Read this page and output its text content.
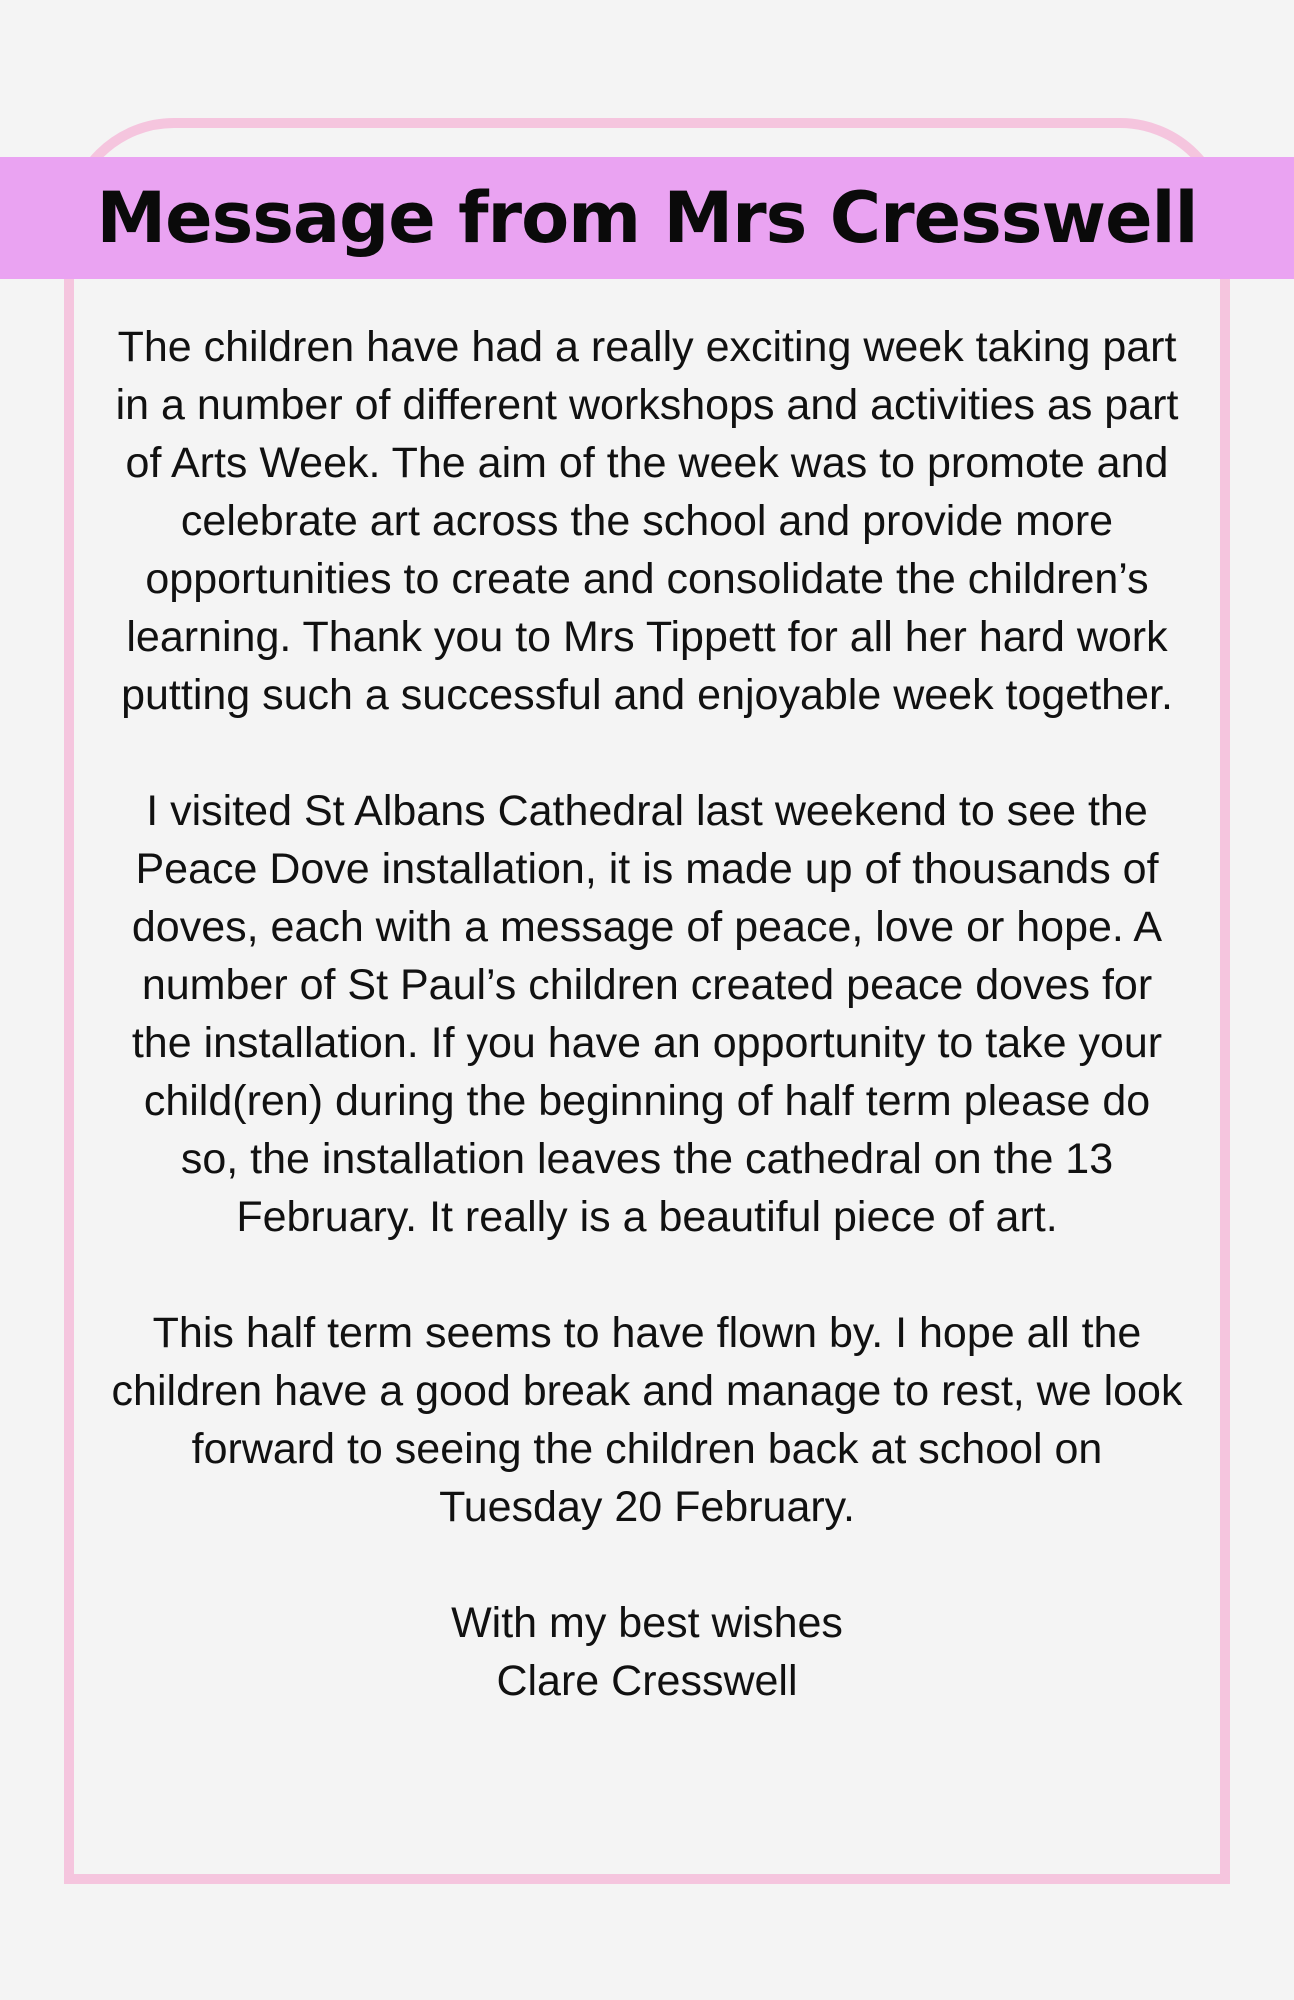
Message from Mrs Cresswell

The children have had a really exciting week taking part in a number of different workshops and activities as part of Arts Week. The aim of the week was to promote and celebrate art across the school and provide more opportunities to create and consolidate the children’s learning. Thank you to Mrs Tippett for all her hard work putting such a successful and enjoyable week together.

I visited St Albans Cathedral last weekend to see the Peace Dove installation, it is made up of thousands of doves, each with a message of peace, love or hope. A number of St Paul’s children created peace doves for the installation. If you have an opportunity to take your child(ren) during the beginning of half term please do so, the installation leaves the cathedral on the 13 February. It really is a beautiful piece of art.

This half term seems to have flown by. I hope all the children have a good break and manage to rest, we look forward to seeing the children back at school on Tuesday 20 February.

With my best wishes
Clare Cresswell
